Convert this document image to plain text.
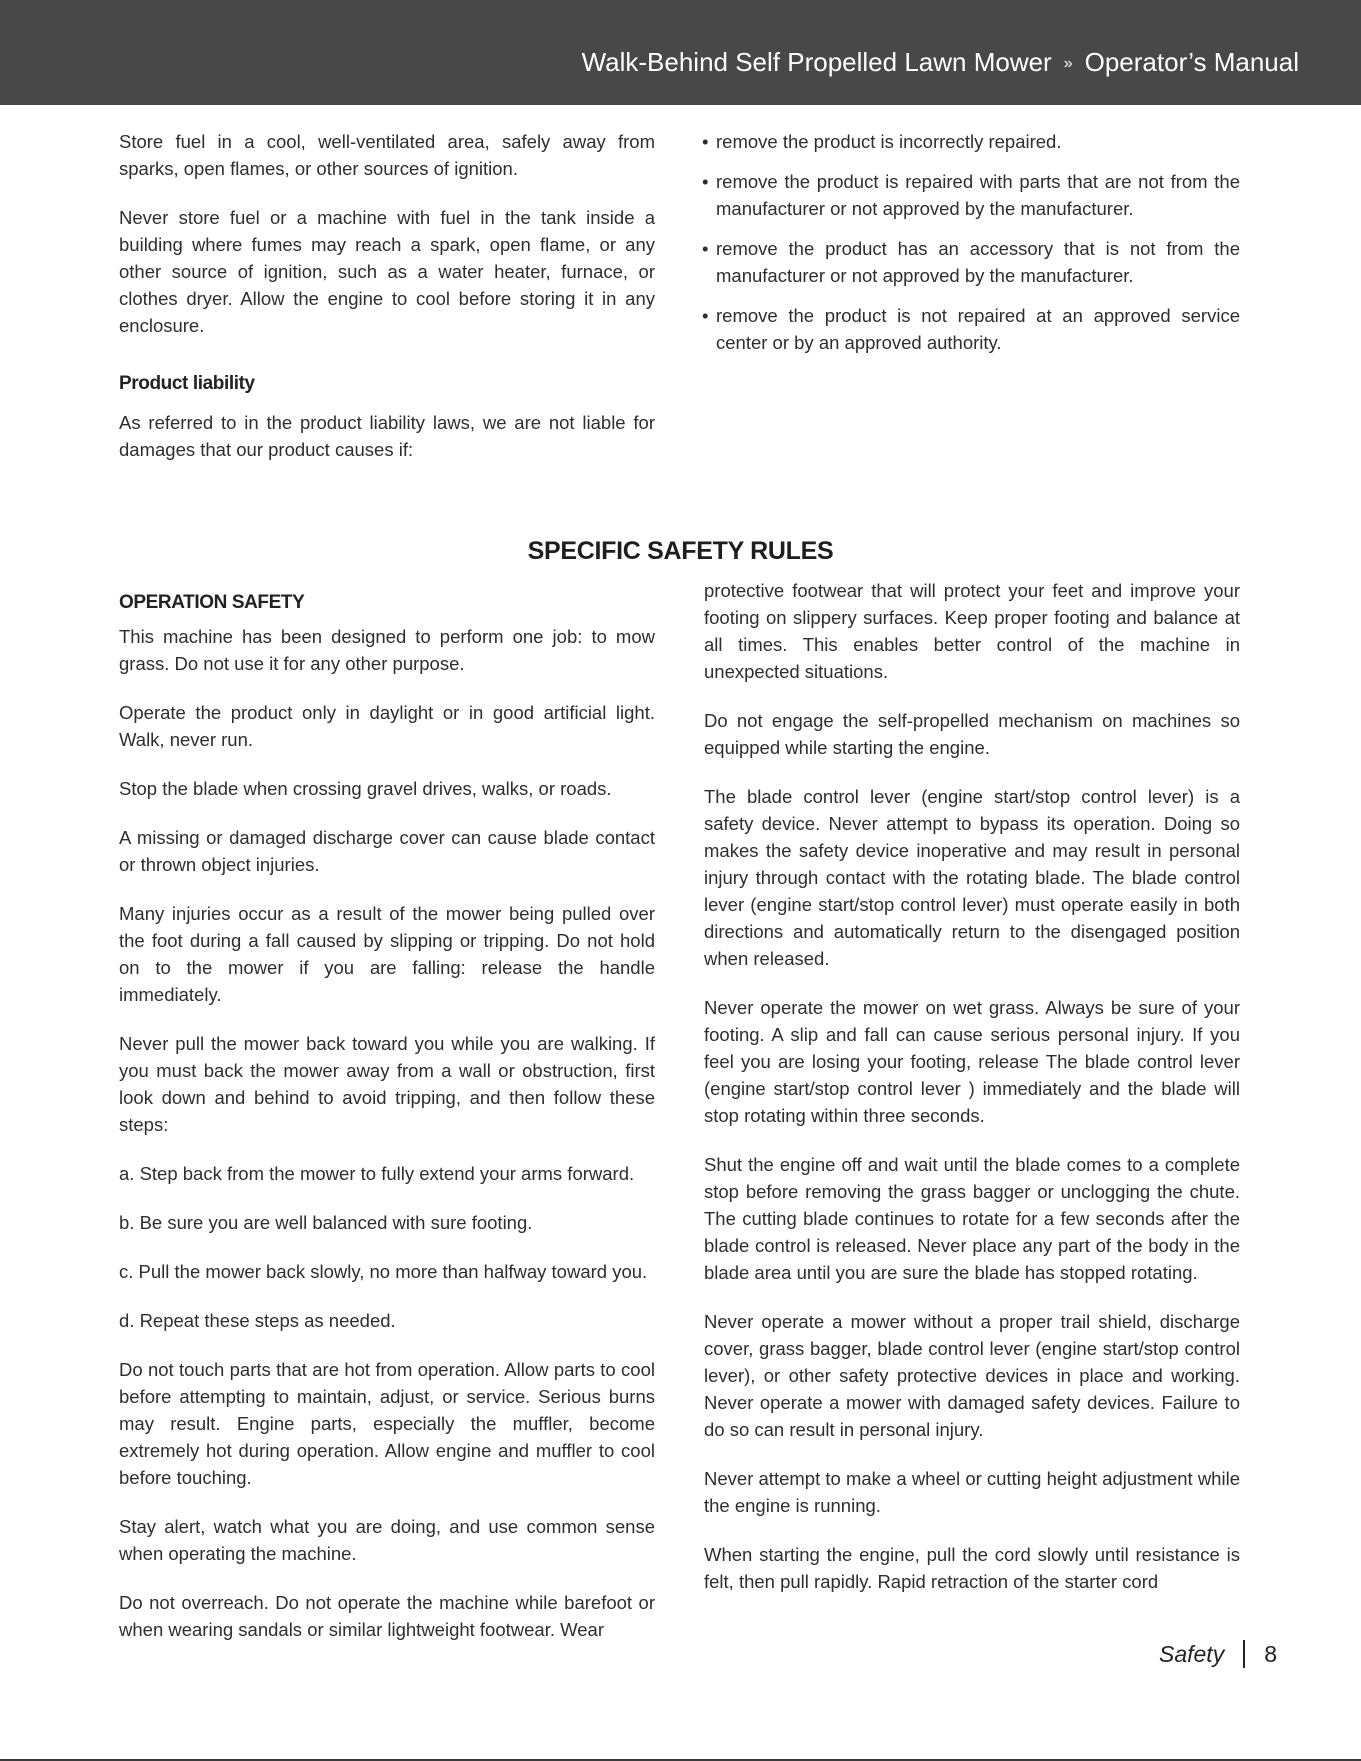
Walk-Behind Self Propelled Lawn Mower » Operator’s Manual

Store fuel in a cool, well-ventilated area, safely away from sparks, open flames, or other sources of ignition.

Never store fuel or a machine with fuel in the tank inside a building where fumes may reach a spark, open flame, or any other source of ignition, such as a water heater, furnace, or clothes dryer. Allow the engine to cool before storing it in any enclosure.

Product liability

As referred to in the product liability laws, we are not liable for damages that our product causes if:

• remove the product is incorrectly repaired.
• remove the product is repaired with parts that are not from the manufacturer or not approved by the manufacturer.
• remove the product has an accessory that is not from the manufacturer or not approved by the manufacturer.
• remove the product is not repaired at an approved service center or by an approved authority.
SPECIFIC SAFETY RULES
OPERATION SAFETY

This machine has been designed to perform one job: to mow grass. Do not use it for any other purpose.

Operate the product only in daylight or in good artificial light. Walk, never run.

Stop the blade when crossing gravel drives, walks, or roads.

A missing or damaged discharge cover can cause blade contact or thrown object injuries.

Many injuries occur as a result of the mower being pulled over the foot during a fall caused by slipping or tripping. Do not hold on to the mower if you are falling: release the handle immediately.

Never pull the mower back toward you while you are walking. If you must back the mower away from a wall or obstruction, first look down and behind to avoid tripping, and then follow these steps:

a. Step back from the mower to fully extend your arms forward.

b. Be sure you are well balanced with sure footing.

c. Pull the mower back slowly, no more than halfway toward you.

d. Repeat these steps as needed.

Do not touch parts that are hot from operation. Allow parts to cool before attempting to maintain, adjust, or service. Serious burns may result. Engine parts, especially the muffler, become extremely hot during operation. Allow engine and muffler to cool before touching.

Stay alert, watch what you are doing, and use common sense when operating the machine.

Do not overreach. Do not operate the machine while barefoot or when wearing sandals or similar lightweight footwear. Wear

protective footwear that will protect your feet and improve your footing on slippery surfaces. Keep proper footing and balance at all times. This enables better control of the machine in unexpected situations.

Do not engage the self-propelled mechanism on machines so equipped while starting the engine.

The blade control lever (engine start/stop control lever) is a safety device. Never attempt to bypass its operation. Doing so makes the safety device inoperative and may result in personal injury through contact with the rotating blade. The blade control lever (engine start/stop control lever) must operate easily in both directions and automatically return to the disengaged position when released.

Never operate the mower on wet grass. Always be sure of your footing. A slip and fall can cause serious personal injury. If you feel you are losing your footing, release The blade control lever (engine start/stop control lever ) immediately and the blade will stop rotating within three seconds.

Shut the engine off and wait until the blade comes to a complete stop before removing the grass bagger or unclogging the chute. The cutting blade continues to rotate for a few seconds after the blade control is released. Never place any part of the body in the blade area until you are sure the blade has stopped rotating.

Never operate a mower without a proper trail shield, discharge cover, grass bagger, blade control lever (engine start/stop control lever), or other safety protective devices in place and working. Never operate a mower with damaged safety devices. Failure to do so can result in personal injury.

Never attempt to make a wheel or cutting height adjustment while the engine is running.

When starting the engine, pull the cord slowly until resistance is felt, then pull rapidly. Rapid retraction of the starter cord

Safety 8
